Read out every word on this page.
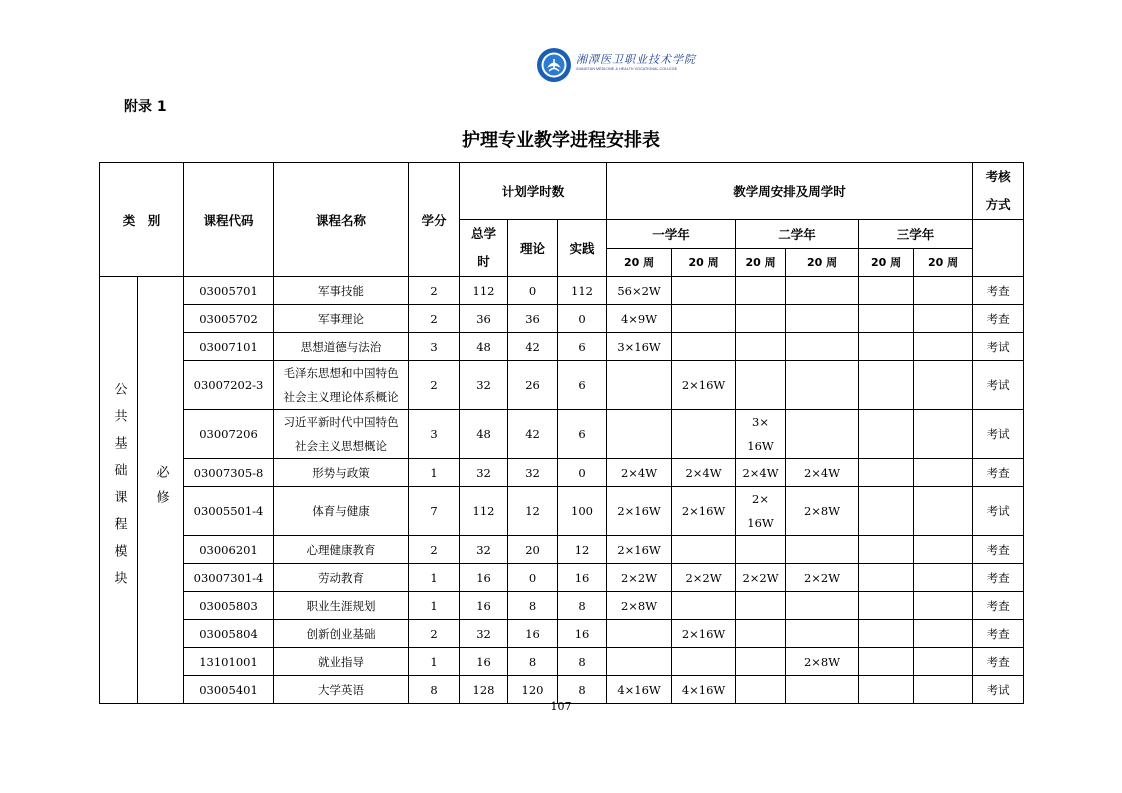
湘潭医卫职业技术学院
XIANGTAN MEDICINE & HEALTH VOCATIONAL COLLEGE
附录 1
护理专业教学进程安排表
类　别		课程代码	课程名称	学分	计划学时数			教学周安排及周学时						考核
方式

					总学
时	理论	实践	一学年		二学年		三学年		
								20 周	20 周	20 周	20 周	20 周	20 周	

公共基础课程模块	必修	03005701	军事技能	2	112	0	112	56×2W						考查
		03005702	军事理论	2	36	36	0	4×9W						考查
		03007101	思想道德与法治	3	48	42	6	3×16W						考试
		03007202-3	毛泽东思想和中国特色
社会主义理论体系概论	2	32	26	6		2×16W					考试
		03007206	习近平新时代中国特色
社会主义思想概论	3	48	42	6			3×
16W				考试
		03007305-8	形势与政策	1	32	32	0	2×4W	2×4W	2×4W	2×4W			考查
		03005501-4	体育与健康	7	112	12	100	2×16W	2×16W	2×
16W	2×8W			考试
		03006201	心理健康教育	2	32	20	12	2×16W						考查
		03007301-4	劳动教育	1	16	0	16	2×2W	2×2W	2×2W	2×2W			考查
		03005803	职业生涯规划	1	16	8	8	2×8W						考查
		03005804	创新创业基础	2	32	16	16		2×16W					考查
		13101001	就业指导	1	16	8	8				2×8W			考查
		03005401	大学英语	8	128	120	8	4×16W	4×16W					考试
107
